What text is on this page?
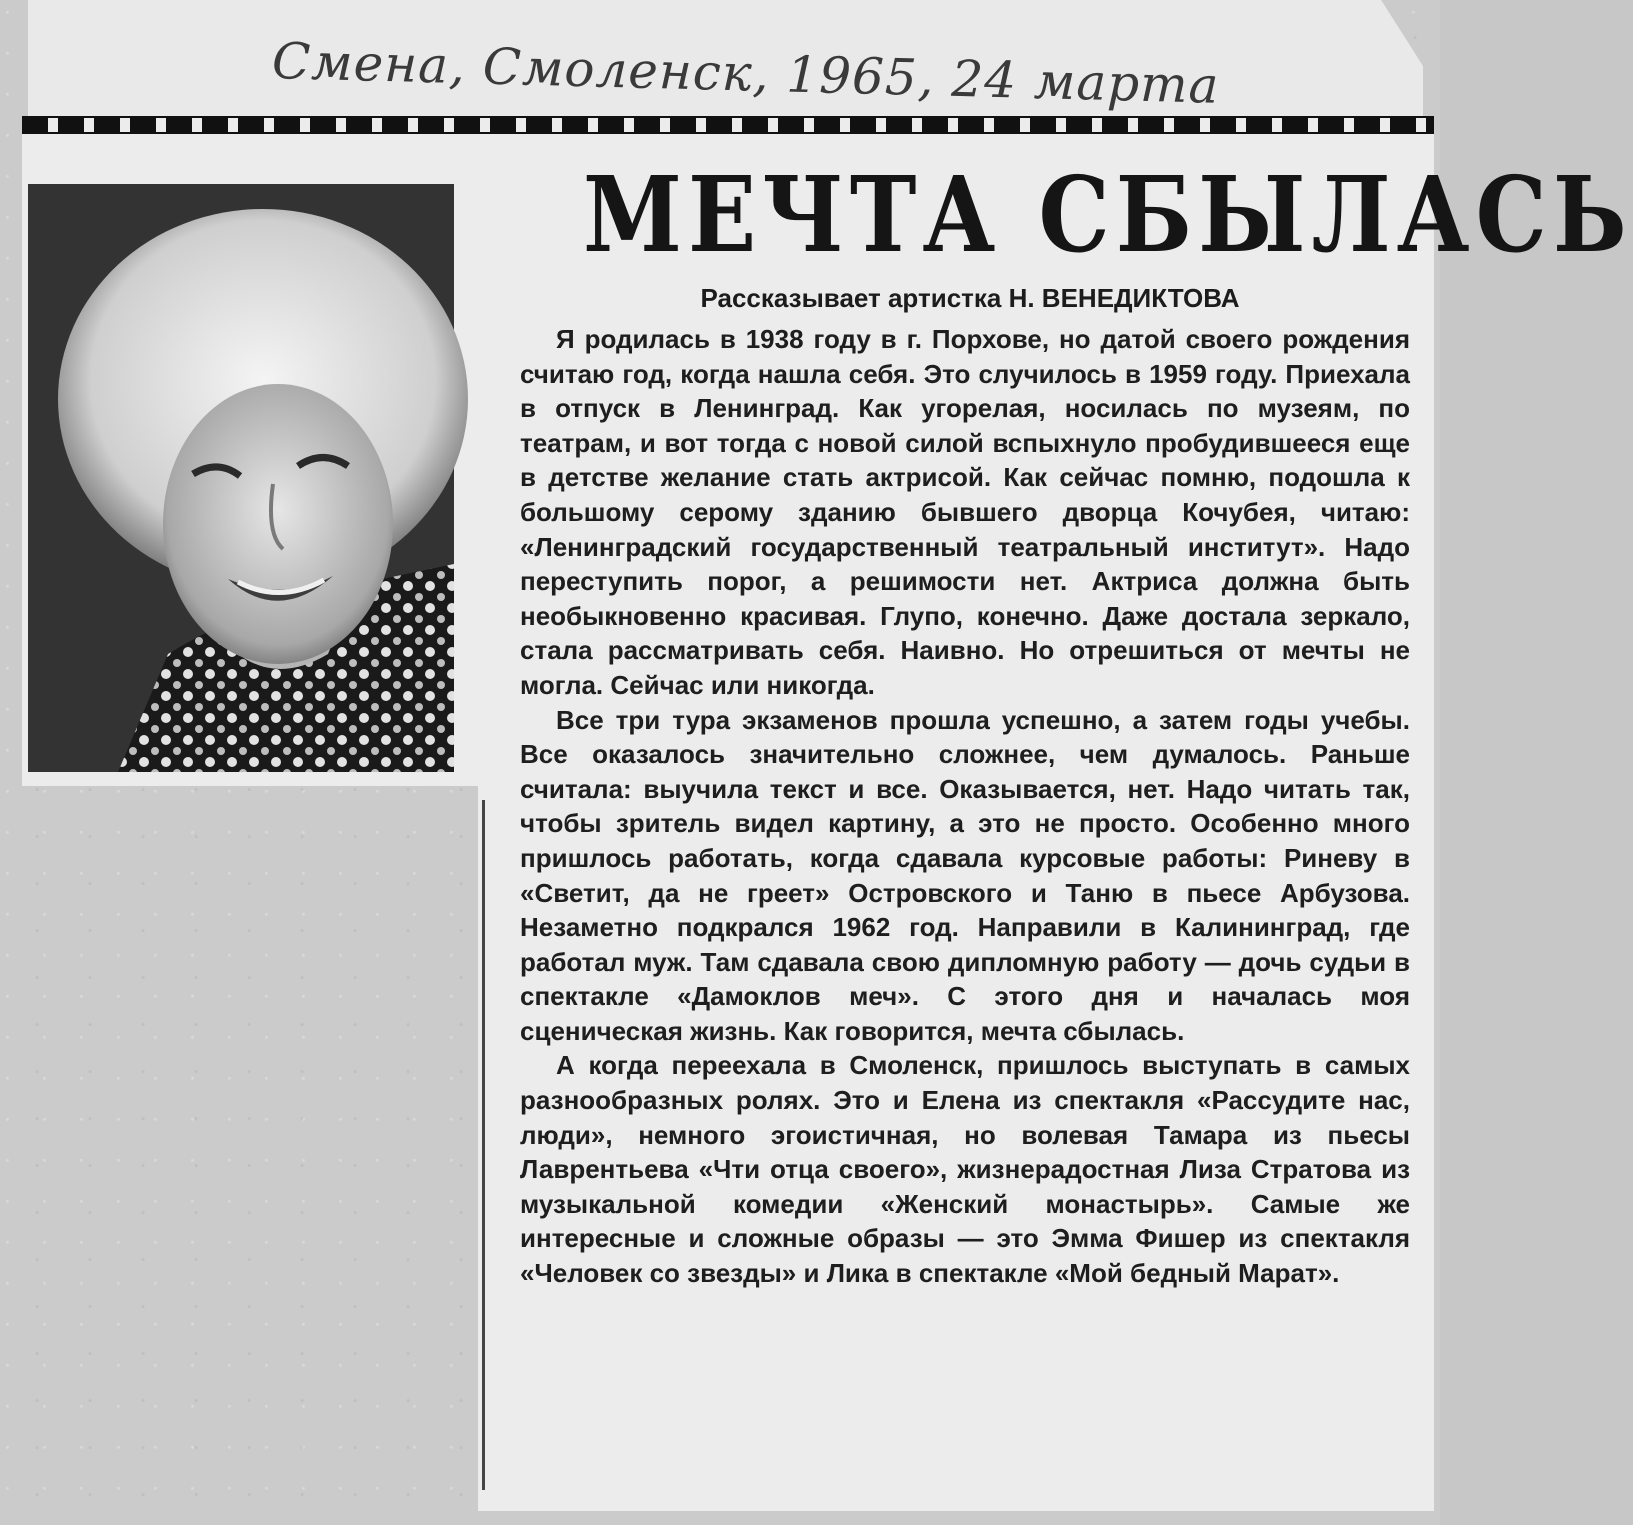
Смена, Смоленск, 1965, 24 марта

МЕЧТА СБЫЛАСЬ

Рассказывает артистка Н. ВЕНЕДИКТОВА

Я родилась в 1938 году в г. Порхове, но датой своего рождения считаю год, когда нашла себя. Это случилось в 1959 году. Приехала в отпуск в Ленинград. Как угорелая, носилась по музеям, по театрам, и вот тогда с новой силой вспыхнуло пробудившееся еще в детстве желание стать актрисой. Как сейчас помню, подошла к большому серому зданию бывшего дворца Кочубея, читаю: «Ленинградский государственный театральный институт». Надо переступить порог, а решимости нет. Актриса должна быть необыкновенно красивая. Глупо, конечно. Даже достала зеркало, стала рассматривать себя. Наивно. Но отрешиться от мечты не могла. Сейчас или никогда.

Все три тура экзаменов прошла успешно, а затем годы учебы. Все оказалось значительно сложнее, чем думалось. Раньше считала: выучила текст и все. Оказывается, нет. Надо читать так, чтобы зритель видел картину, а это не просто. Особенно много пришлось работать, когда сдавала курсовые работы: Риневу в «Светит, да не греет» Островского и Таню в пьесе Арбузова. Незаметно подкрался 1962 год. Направили в Калининград, где работал муж. Там сдавала свою дипломную работу — дочь судьи в спектакле «Дамоклов меч». С этого дня и началась моя сценическая жизнь. Как говорится, мечта сбылась.

А когда переехала в Смоленск, пришлось выступать в самых разнообразных ролях. Это и Елена из спектакля «Рассудите нас, люди», немного эгоистичная, но волевая Тамара из пьесы Лаврентьева «Чти отца своего», жизнерадостная Лиза Стратова из музыкальной комедии «Женский монастырь». Самые же интересные и сложные образы — это Эмма Фишер из спектакля «Человек со звезды» и Лика в спектакле «Мой бедный Марат».
